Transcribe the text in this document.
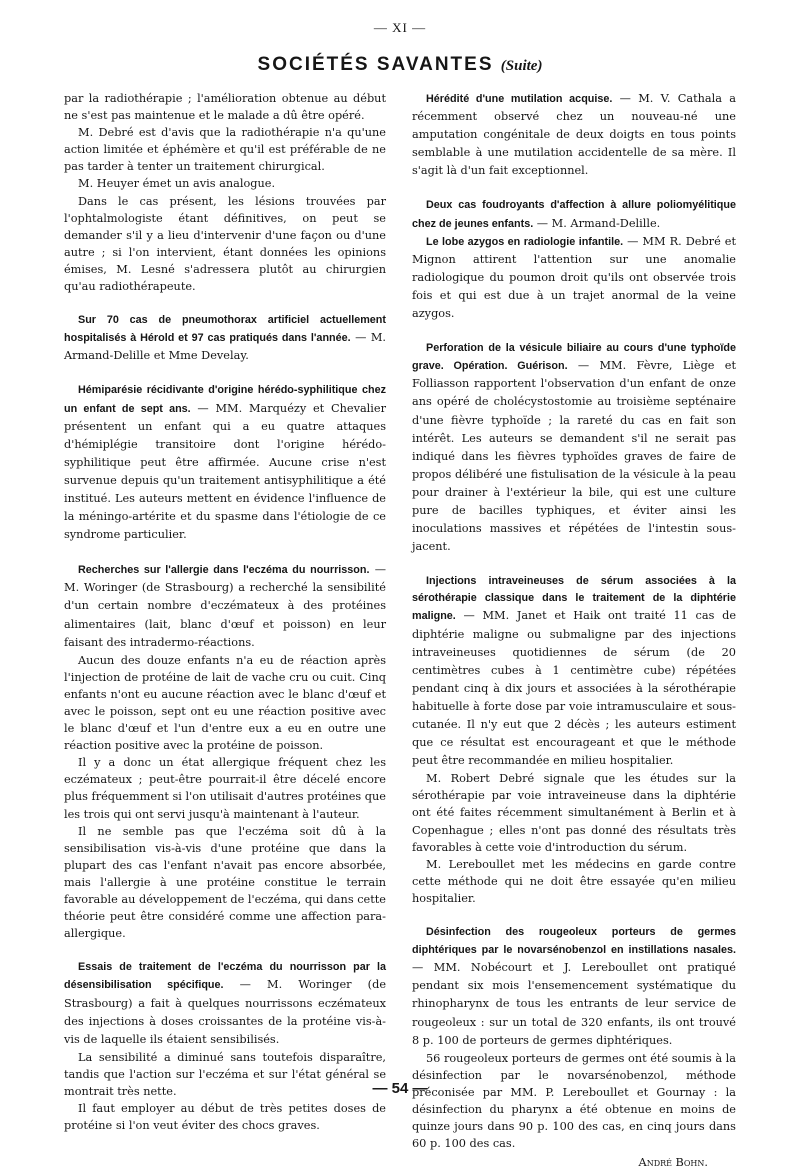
— XI —
SOCIÉTÉS SAVANTES (Suite)

par la radiothérapie ; l'amélioration obtenue au début ne s'est pas maintenue et le malade a dû être opéré.

M. Debré est d'avis que la radiothérapie n'a qu'une action limitée et éphémère et qu'il est préférable de ne pas tarder à tenter un traitement chirurgical.

M. Heuyer émet un avis analogue.

Dans le cas présent, les lésions trouvées par l'ophtalmologiste étant définitives, on peut se demander s'il y a lieu d'intervenir d'une façon ou d'une autre ; si l'on intervient, étant données les opinions émises, M. Lesné s'adressera plutôt au chirurgien qu'au radiothérapeute.

Sur 70 cas de pneumothorax artificiel actuellement hospitalisés à Hérold et 97 cas pratiqués dans l'année. — M. Armand-Delille et Mme Develay.

Hémiparésie récidivante d'origine hérédo-syphilitique chez un enfant de sept ans. — MM. Marquézy et Chevalier présentent un enfant qui a eu quatre attaques d'hémiplégie transitoire dont l'origine hérédo-syphilitique peut être affirmée. Aucune crise n'est survenue depuis qu'un traitement antisyphilitique a été institué. Les auteurs mettent en évidence l'influence de la méningo-artérite et du spasme dans l'étiologie de ce syndrome particulier.

Recherches sur l'allergie dans l'eczéma du nourrisson. — M. Woringer (de Strasbourg) a recherché la sensibilité d'un certain nombre d'eczémateux à des protéines alimentaires (lait, blanc d'œuf et poisson) en leur faisant des intradermo-réactions.

Aucun des douze enfants n'a eu de réaction après l'injection de protéine de lait de vache cru ou cuit. Cinq enfants n'ont eu aucune réaction avec le blanc d'œuf et avec le poisson, sept ont eu une réaction positive avec le blanc d'œuf et l'un d'entre eux a eu en outre une réaction positive avec la protéine de poisson.

Il y a donc un état allergique fréquent chez les eczémateux ; peut-être pourrait-il être décelé encore plus fréquemment si l'on utilisait d'autres protéines que les trois qui ont servi jusqu'à maintenant à l'auteur.

Il ne semble pas que l'eczéma soit dû à la sensibilisation vis-à-vis d'une protéine que dans la plupart des cas l'enfant n'avait pas encore absorbée, mais l'allergie à une protéine constitue le terrain favorable au développement de l'eczéma, qui dans cette théorie peut être considéré comme une affection para-allergique.

Essais de traitement de l'eczéma du nourrisson par la désensibilisation spécifique. — M. Woringer (de Strasbourg) a fait à quelques nourrissons eczémateux des injections à doses croissantes de la protéine vis-à-vis de laquelle ils étaient sensibilisés.

La sensibilité a diminué sans toutefois disparaître, tandis que l'action sur l'eczéma et sur l'état général se montrait très nette.

Il faut employer au début de très petites doses de protéine si l'on veut éviter des chocs graves.

Hérédité d'une mutilation acquise. — M. V. Cathala a récemment observé chez un nouveau-né une amputation congénitale de deux doigts en tous points semblable à une mutilation accidentelle de sa mère. Il s'agit là d'un fait exceptionnel.

Deux cas foudroyants d'affection à allure poliomyélitique chez de jeunes enfants. — M. Armand-Delille.

Le lobe azygos en radiologie infantile. — MM R. Debré et Mignon attirent l'attention sur une anomalie radiologique du poumon droit qu'ils ont observée trois fois et qui est due à un trajet anormal de la veine azygos.

Perforation de la vésicule biliaire au cours d'une typhoïde grave. Opération. Guérison. — MM. Fèvre, Liège et Folliasson rapportent l'observation d'un enfant de onze ans opéré de cholécystostomie au troisième septénaire d'une fièvre typhoïde ; la rareté du cas en fait son intérêt. Les auteurs se demandent s'il ne serait pas indiqué dans les fièvres typhoïdes graves de faire de propos délibéré une fistulisation de la vésicule à la peau pour drainer à l'extérieur la bile, qui est une culture pure de bacilles typhiques, et éviter ainsi les inoculations massives et répétées de l'intestin sous-jacent.

Injections intraveineuses de sérum associées à la sérothérapie classique dans le traitement de la diphtérie maligne. — MM. Janet et Haik ont traité 11 cas de diphtérie maligne ou submaligne par des injections intraveineuses quotidiennes de sérum (de 20 centimètres cubes à 1 centimètre cube) répétées pendant cinq à dix jours et associées à la sérothérapie habituelle à forte dose par voie intramusculaire et sous-cutanée. Il n'y eut que 2 décès ; les auteurs estiment que ce résultat est encourageant et que le méthode peut être recommandée en milieu hospitalier.

M. Robert Debré signale que les études sur la sérothérapie par voie intraveineuse dans la diphtérie ont été faites récemment simultanément à Berlin et à Copenhague ; elles n'ont pas donné des résultats très favorables à cette voie d'introduction du sérum.

M. Lereboullet met les médecins en garde contre cette méthode qui ne doit être essayée qu'en milieu hospitalier.

Désinfection des rougeoleux porteurs de germes diphtériques par le novarsénobenzol en instillations nasales. — MM. Nobécourt et J. Lereboullet ont pratiqué pendant six mois l'ensemencement systématique du rhinopharynx de tous les entrants de leur service de rougeoleux : sur un total de 320 enfants, ils ont trouvé 8 p. 100 de porteurs de germes diphtériques.

56 rougeoleux porteurs de germes ont été soumis à la désinfection par le novarsénobenzol, méthode préconisée par MM. P. Lereboullet et Gournay : la désinfection du pharynx a été obtenue en moins de quinze jours dans 90 p. 100 des cas, en cinq jours dans 60 p. 100 des cas.

André Bohn.
— 54 —
